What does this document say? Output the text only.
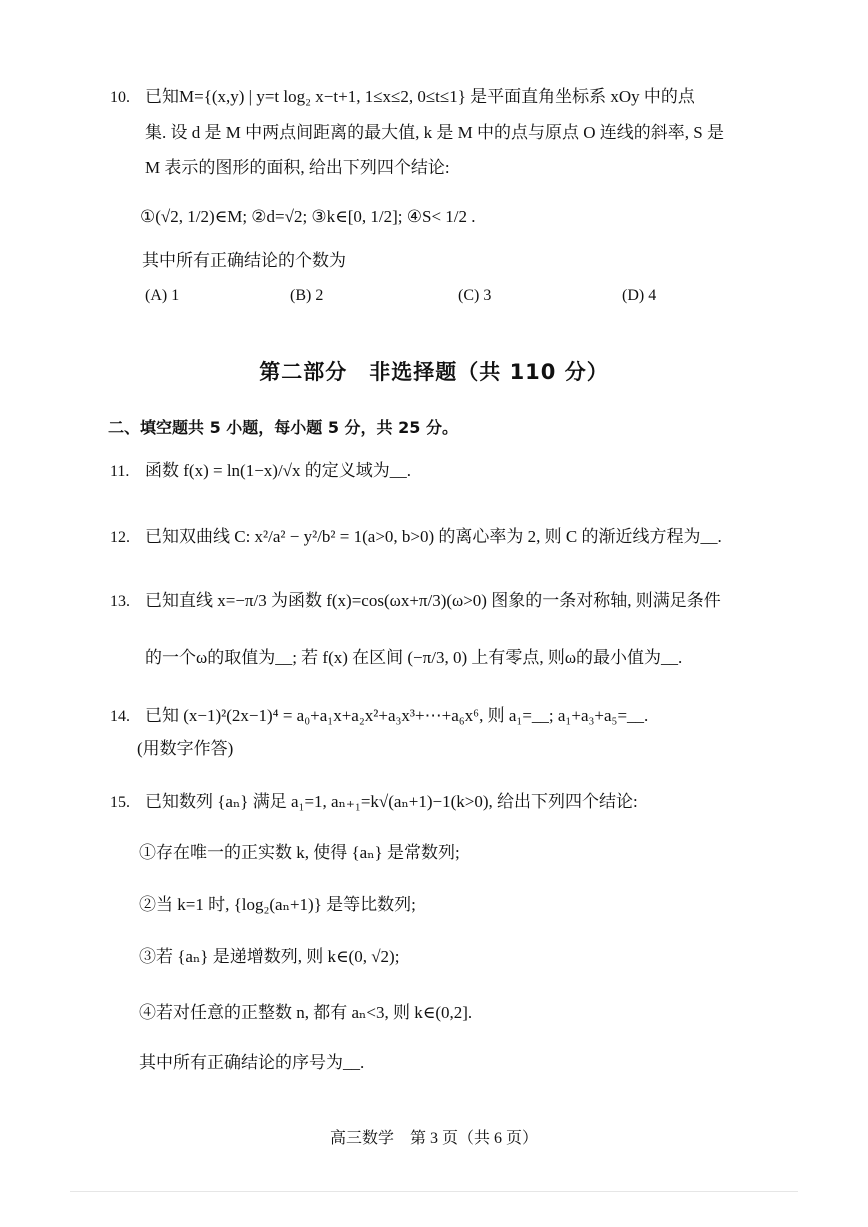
10. 已知M={(x,y) | y=t log₂ x−t+1, 1≤x≤2, 0≤t≤1} 是平面直角坐标系 xOy 中的点
集. 设 d 是 M 中两点间距离的最大值, k 是 M 中的点与原点 O 连线的斜率, S 是
M 表示的图形的面积, 给出下列四个结论:
①(√2, 1/2)∈M; ②d=√2; ③k∈[0, 1/2]; ④S< 1/2 .
其中所有正确结论的个数为
(A) 1	(B) 2	(C) 3	(D) 4
第二部分　非选择题（共 110 分）
二、填空题共 5 小题，每小题 5 分，共 25 分。
11. 函数 f(x) = ln(1−x)/√x 的定义域为__.
12. 已知双曲线 C: x²/a² − y²/b² = 1(a>0, b>0) 的离心率为 2, 则 C 的渐近线方程为__.
13. 已知直线 x=−π/3 为函数 f(x)=cos(ωx+π/3)(ω>0) 图象的一条对称轴, 则满足条件
的一个ω的取值为__; 若 f(x) 在区间 (−π/3, 0) 上有零点, 则ω的最小值为__.
14. 已知 (x−1)²(2x−1)⁴ = a₀+a₁x+a₂x²+a₃x³+⋯+a₆x⁶, 则 a₁=__; a₁+a₃+a₅=__.
(用数字作答)
15. 已知数列 {aₙ} 满足 a₁=1, aₙ₊₁=k√(aₙ+1)−1(k>0), 给出下列四个结论:
①存在唯一的正实数 k, 使得 {aₙ} 是常数列;
②当 k=1 时, {log₂(aₙ+1)} 是等比数列;
③若 {aₙ} 是递增数列, 则 k∈(0, √2);
④若对任意的正整数 n, 都有 aₙ<3, 则 k∈(0,2].
其中所有正确结论的序号为__.
高三数学　第 3 页（共 6 页）
